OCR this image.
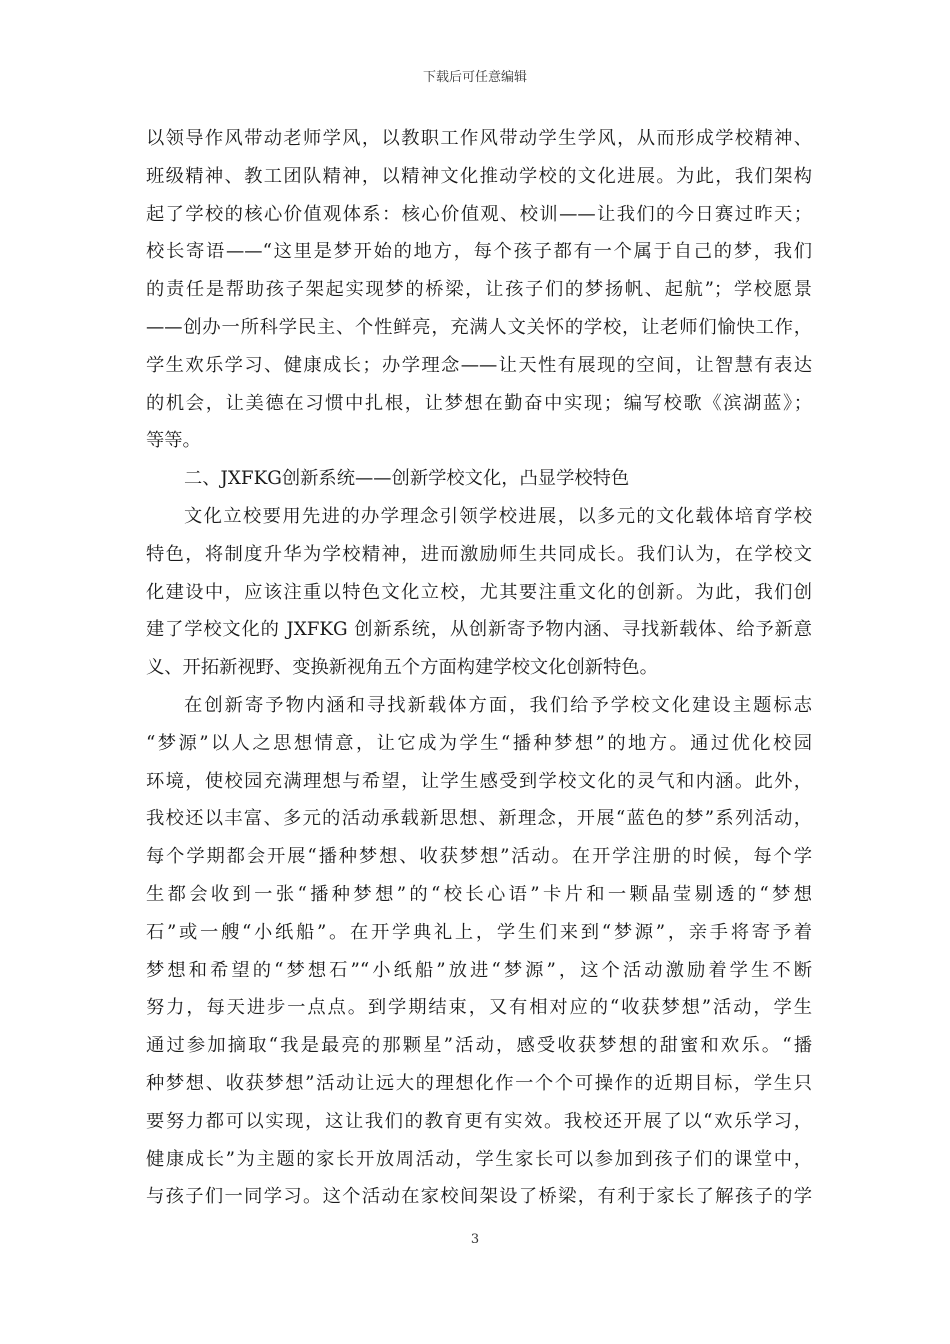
下载后可任意编辑
以领导作风带动老师学风，以教职工作风带动学生学风，从而形成学校精神、
班级精神、教工团队精神，以精神文化推动学校的文化进展。为此，我们架构
起了学校的核心价值观体系：核心价值观、校训——让我们的今日赛过昨天；
校长寄语——“这里是梦开始的地方，每个孩子都有一个属于自己的梦，我们
的责任是帮助孩子架起实现梦的桥梁，让孩子们的梦扬帆、起航”；学校愿景
——创办一所科学民主、个性鲜亮，充满人文关怀的学校，让老师们愉快工作，
学生欢乐学习、健康成长；办学理念——让天性有展现的空间，让智慧有表达
的机会，让美德在习惯中扎根，让梦想在勤奋中实现；编写校歌《滨湖蓝》；
等等。
二、JXFKG创新系统——创新学校文化，凸显学校特色
文化立校要用先进的办学理念引领学校进展，以多元的文化载体培育学校
特色，将制度升华为学校精神，进而激励师生共同成长。我们认为，在学校文
化建设中，应该注重以特色文化立校，尤其要注重文化的创新。为此，我们创
建了学校文化的 JXFKG 创新系统，从创新寄予物内涵、寻找新载体、给予新意
义、开拓新视野、变换新视角五个方面构建学校文化创新特色。
在创新寄予物内涵和寻找新载体方面，我们给予学校文化建设主题标志
“梦源”以人之思想情意，让它成为学生“播种梦想”的地方。通过优化校园
环境，使校园充满理想与希望，让学生感受到学校文化的灵气和内涵。此外，
我校还以丰富、多元的活动承载新思想、新理念，开展“蓝色的梦”系列活动，
每个学期都会开展“播种梦想、收获梦想”活动。在开学注册的时候，每个学
生都会收到一张“播种梦想”的“校长心语”卡片和一颗晶莹剔透的“梦想
石”或一艘“小纸船”。在开学典礼上，学生们来到“梦源”，亲手将寄予着
梦想和希望的“梦想石”“小纸船”放进“梦源”，这个活动激励着学生不断
努力，每天进步一点点。到学期结束，又有相对应的“收获梦想”活动，学生
通过参加摘取“我是最亮的那颗星”活动，感受收获梦想的甜蜜和欢乐。“播
种梦想、收获梦想”活动让远大的理想化作一个个可操作的近期目标，学生只
要努力都可以实现，这让我们的教育更有实效。我校还开展了以“欢乐学习，
健康成长”为主题的家长开放周活动，学生家长可以参加到孩子们的课堂中，
与孩子们一同学习。这个活动在家校间架设了桥梁，有利于家长了解孩子的学
3
